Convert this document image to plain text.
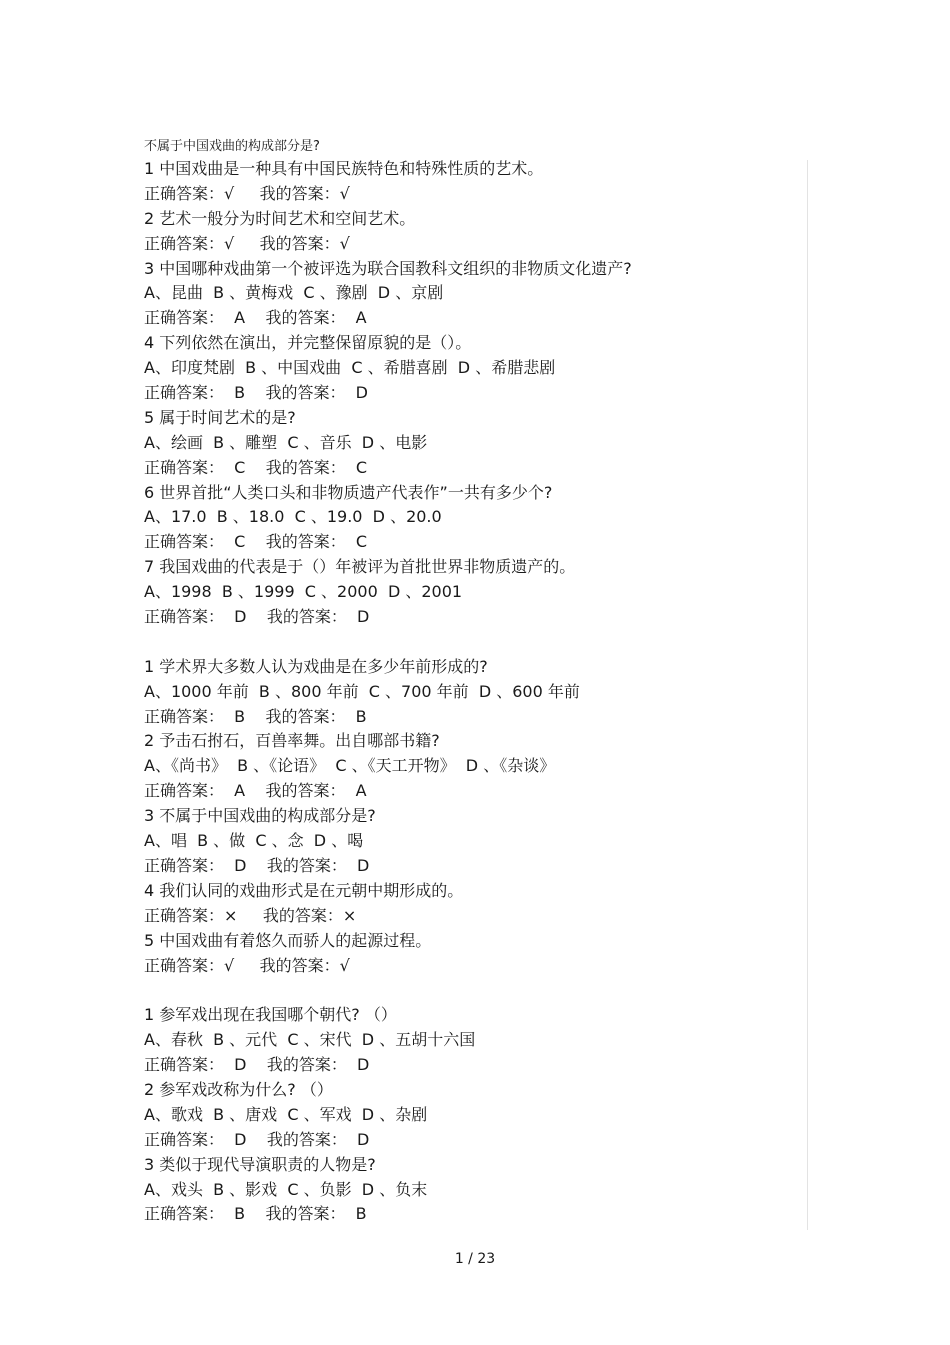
不属于中国戏曲的构成部分是?
1 中国戏曲是一种具有中国民族特色和特殊性质的艺术。
正确答案：√     我的答案：√
2 艺术一般分为时间艺术和空间艺术。
正确答案：√     我的答案：√
3 中国哪种戏曲第一个被评选为联合国教科文组织的非物质文化遗产?
A、昆曲  B 、黄梅戏  C 、豫剧  D 、京剧
正确答案：  A    我的答案：  A
4 下列依然在演出，并完整保留原貌的是（）。
A、印度梵剧  B 、中国戏曲  C 、希腊喜剧  D 、希腊悲剧
正确答案：  B    我的答案：  D
5 属于时间艺术的是?
A、绘画  B 、雕塑  C 、音乐  D 、电影
正确答案：  C    我的答案：  C
6 世界首批“人类口头和非物质遗产代表作”一共有多少个?
A、17.0  B 、18.0  C 、19.0  D 、20.0
正确答案：  C    我的答案：  C
7 我国戏曲的代表是于（）年被评为首批世界非物质遗产的。
A、1998  B 、1999  C 、2000  D 、2001
正确答案：  D    我的答案：  D
1 学术界大多数人认为戏曲是在多少年前形成的?
A、1000 年前  B 、800 年前  C 、700 年前  D 、600 年前
正确答案：  B    我的答案：  B
2 予击石拊石，百兽率舞。出自哪部书籍?
A、《尚书》  B 、《论语》  C 、《天工开物》  D 、《杂谈》
正确答案：  A    我的答案：  A
3 不属于中国戏曲的构成部分是?
A、唱  B 、做  C 、念  D 、喝
正确答案：  D    我的答案：  D
4 我们认同的戏曲形式是在元朝中期形成的。
正确答案：×     我的答案：×
5 中国戏曲有着悠久而骄人的起源过程。
正确答案：√     我的答案：√
1 参军戏出现在我国哪个朝代? （）
A、春秋  B 、元代  C 、宋代  D 、五胡十六国
正确答案：  D    我的答案：  D
2 参军戏改称为什么? （）
A、歌戏  B 、唐戏  C 、军戏  D 、杂剧
正确答案：  D    我的答案：  D
3 类似于现代导演职责的人物是?
A、戏头  B 、影戏  C 、负影  D 、负末
正确答案：  B    我的答案：  B
1 / 23
